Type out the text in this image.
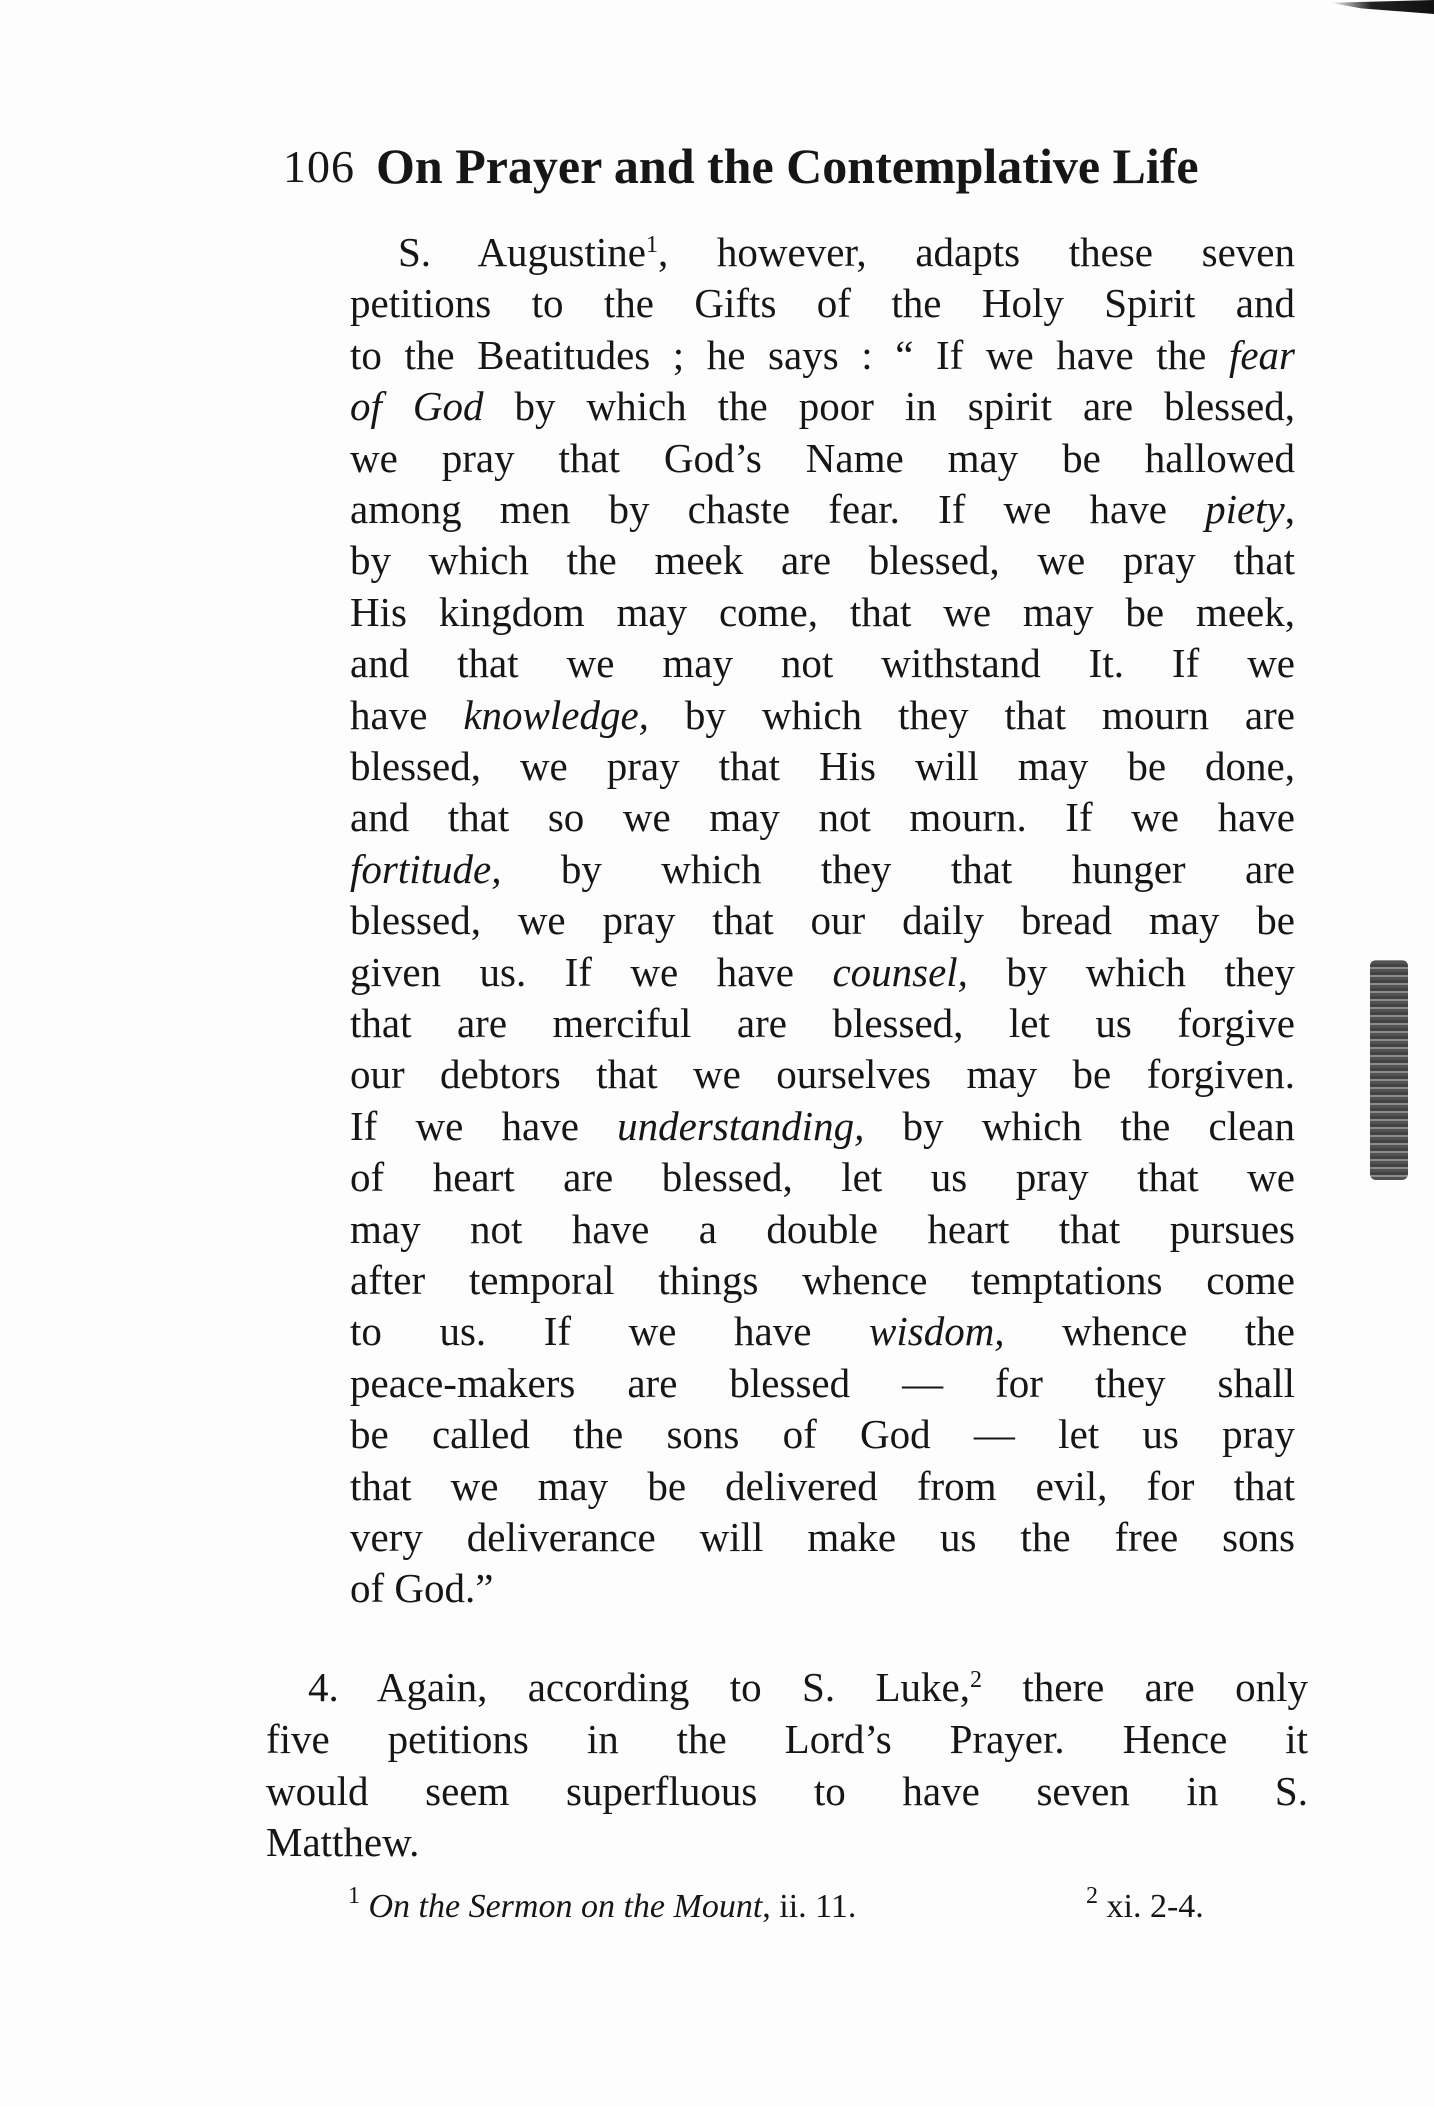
106 On Prayer and the Contemplative Life
S. Augustine$^1$, however, adapts these seven
petitions to the Gifts of the Holy Spirit and
to the Beatitudes ; he says : “ If we have the fear
of God by which the poor in spirit are blessed,
we pray that God’s Name may be hallowed
among men by chaste fear. If we have piety,
by which the meek are blessed, we pray that
His kingdom may come, that we may be meek,
and that we may not withstand It. If we
have knowledge, by which they that mourn are
blessed, we pray that His will may be done,
and that so we may not mourn. If we have
fortitude, by which they that hunger are
blessed, we pray that our daily bread may be
given us. If we have counsel, by which they
that are merciful are blessed, let us forgive
our debtors that we ourselves may be forgiven.
If we have understanding, by which the clean
of heart are blessed, let us pray that we
may not have a double heart that pursues
after temporal things whence temptations come
to us. If we have wisdom, whence the
peace-makers are blessed — for they shall
be called the sons of God — let us pray
that we may be delivered from evil, for that
very deliverance will make us the free sons
of God.”
4. Again, according to S. Luke,$^2$ there are only
five petitions in the Lord’s Prayer. Hence it
would seem superfluous to have seven in S.
Matthew.
$^1$ On the Sermon on the Mount, ii. 11.	$^2$ xi. 2-4.
